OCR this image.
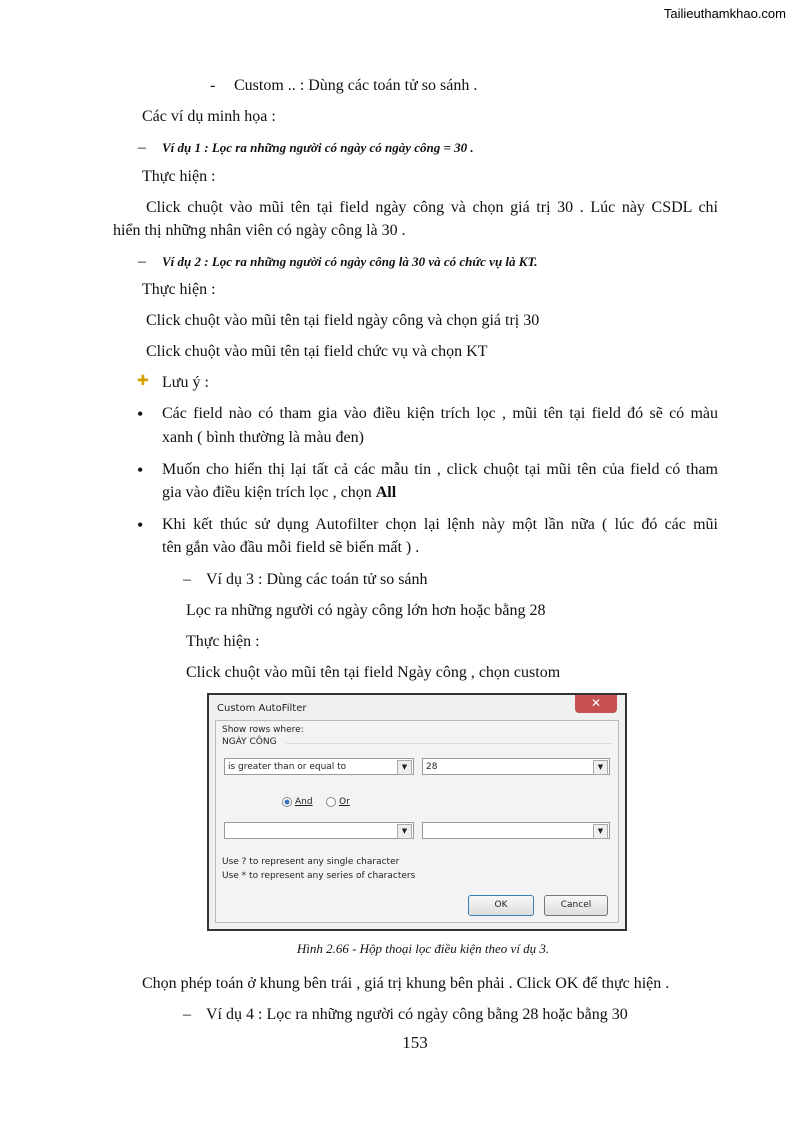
Tailieuthamkhao.com
- Custom .. : Dùng các toán tử so sánh .
Các ví dụ minh họa :
– Ví dụ 1 : Lọc ra những người có ngày có ngày công = 30 .
Thực hiện :
Click chuột vào mũi tên tại field ngày công và chọn giá trị 30 . Lúc này CSDL chỉ
hiển thị những nhân viên có ngày công là 30 .
– Ví dụ 2 : Lọc ra những người có ngày công là 30 và có chức vụ là KT.
Thực hiện :
Click chuột vào mũi tên tại field ngày công và chọn giá trị 30
Click chuột vào mũi tên tại field chức vụ và chọn KT
✚ Lưu ý :
• Các field nào có tham gia vào điều kiện trích lọc , mũi tên tại field đó sẽ có màu
xanh ( bình thường là màu đen)
• Muốn cho hiển thị lại tất cả các mẫu tin , click chuột tại mũi tên của field có tham
gia vào điều kiện trích lọc , chọn All
• Khi kết thúc sử dụng Autofilter chọn lại lệnh này một lần nữa ( lúc đó các mũi
tên gắn vào đầu mỗi field sẽ biến mất ) .
– Ví dụ 3 : Dùng các toán tử so sánh
Lọc ra những người có ngày công lớn hơn hoặc bằng 28
Thực hiện :
Click chuột vào mũi tên tại field Ngày công , chọn custom
Custom AutoFilter	✕
Show rows where:
NGÀY CÔNG
is greater than or equal to	▼	28	▼
And	Or
▼	▼
Use ? to represent any single character
Use * to represent any series of characters
OK	Cancel
Hình 2.66 - Hộp thoại lọc điều kiện theo ví dụ 3.
Chọn phép toán ở khung bên trái , giá trị khung bên phải . Click OK để thực hiện .
– Ví dụ 4 : Lọc ra những người có ngày công bằng 28 hoặc bằng 30
153
